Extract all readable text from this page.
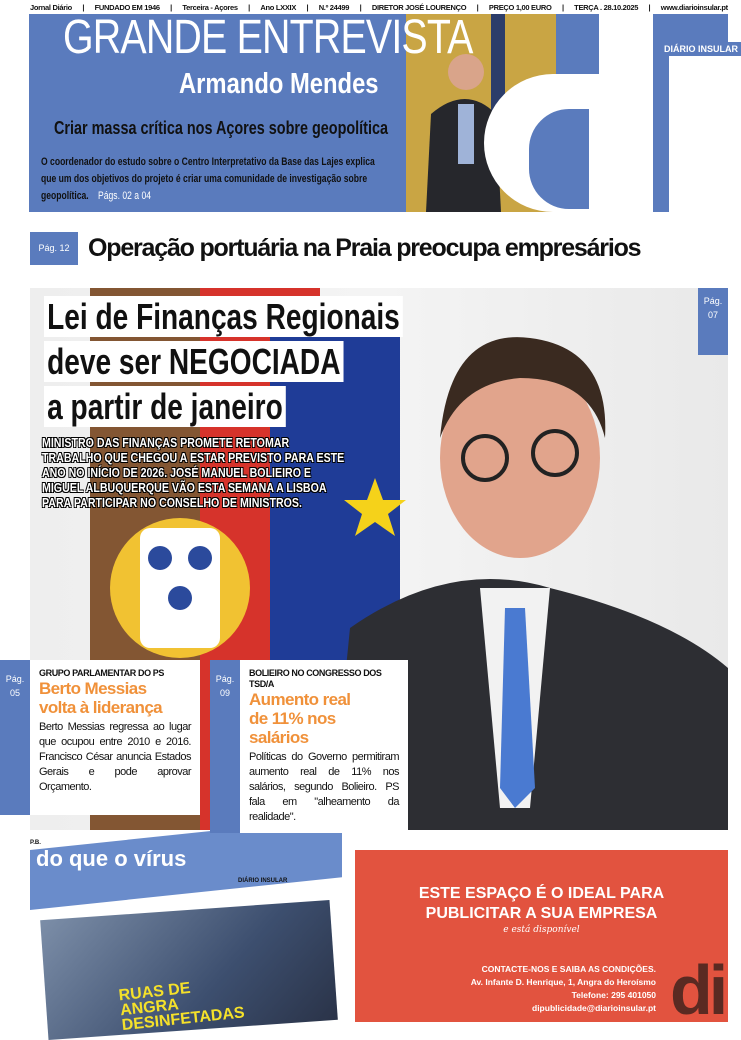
Jornal Diário | FUNDADO EM 1946 | Terceira - Açores | Ano LXXIX | N.º 24499 | DIRETOR JOSÉ LOURENÇO | PREÇO 1,00 EURO | TERÇA . 28.10.2025 | www.diarioinsular.pt
DIÁRIO INSULAR
GRANDE ENTREVISTA
Armando Mendes
Criar massa crítica nos Açores sobre geopolítica
O coordenador do estudo sobre o Centro Interpretativo da Base das Lajes explica que um dos objetivos do projeto é criar uma comunidade de investigação sobre geopolítica. Págs. 02 a 04
Pág. 12 Operação portuária na Praia preocupa empresários
Lei de Finanças Regionais
deve ser NEGOCIADA
a partir de janeiro
MINISTRO DAS FINANÇAS PROMETE RETOMAR TRABALHO QUE CHEGOU A ESTAR PREVISTO PARA ESTE ANO NO INÍCIO DE 2026. JOSÉ MANUEL BOLIEIRO E MIGUEL ALBUQUERQUE VÃO ESTA SEMANA A LISBOA PARA PARTICIPAR NO CONSELHO DE MINISTROS.
Pág.
07
Pág.
05
GRUPO PARLAMENTAR DO PS
Berto Messias
volta à liderança
Berto Messias regressa ao lugar que ocupou entre 2010 e 2016. Francisco César anuncia Estados Gerais e pode aprovar Orçamento.
Pág.
09
BOLIEIRO NO CONGRESSO DOS TSD/A
Aumento real
de 11% nos salários
Políticas do Governo permitiram aumento real de 11% nos salários, segundo Bolieiro. PS fala em "alheamento da realidade".
P.B.
do que o vírus
DIÁRIO INSULAR
RUAS DE ANGRA DESINFETADAS
ESTE ESPAÇO É O IDEAL PARA
PUBLICITAR A SUA EMPRESA
e está disponível
CONTACTE-NOS E SAIBA AS CONDIÇÕES.
Av. Infante D. Henrique, 1, Angra do Heroísmo
Telefone: 295 401050
dipublicidade@diarioinsular.pt di
